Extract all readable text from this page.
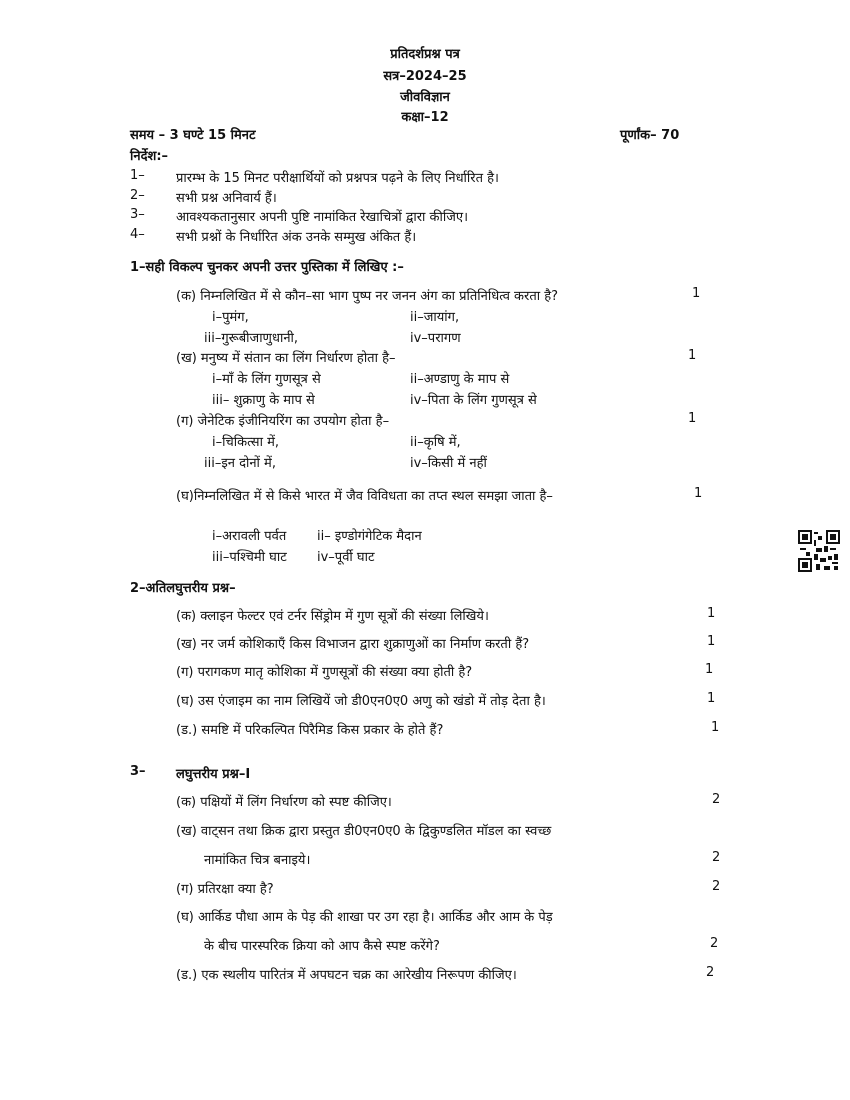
प्रतिदर्शप्रश्न पत्र
सत्र–2024–25
जीवविज्ञान
कक्षा–12
समय – 3 घण्टे 15 मिनट	पूर्णांक– 70
निर्देश:–
1– प्रारम्भ के 15 मिनट परीक्षार्थियों को प्रश्नपत्र पढ़ने के लिए निर्धारित है।
2– सभी प्रश्न अनिवार्य हैं।
3– आवश्यकतानुसार अपनी पुष्टि नामांकित रेखाचित्रों द्वारा कीजिए।
4– सभी प्रश्नों के निर्धारित अंक उनके सम्मुख अंकित हैं।
1–सही विकल्प चुनकर अपनी उत्तर पुस्तिका में लिखिए :–
(क) निम्नलिखित में से कौन–सा भाग पुष्प नर जनन अंग का प्रतिनिधित्व करता है?	1
i–पुमंग,	ii–जायांग,
iii–गुरूबीजाणुधानी,	iv–परागण
(ख) मनुष्य में संतान का लिंग निर्धारण होता है–	1
i–माँ के लिंग गुणसूत्र से	ii–अण्डाणु के माप से
iii– शुक्राणु के माप से	iv–पिता के लिंग गुणसूत्र से
(ग) जेनेटिक इंजीनियरिंग का उपयोग होता है–	1
i–चिकित्सा में,	ii–कृषि में,
iii–इन दोनों में,	iv–किसी में नहीं
(घ)निम्नलिखित में से किसे भारत में जैव विविधता का तप्त स्थल समझा जाता है–	1
i–अरावली पर्वत ii– इण्डोगंगेटिक मैदान
iii–पश्चिमी घाट iv–पूर्वी घाट
2–अतिलघुत्तरीय प्रश्न–
(क) क्लाइन फेल्टर एवं टर्नर सिंड्रोम में गुण सूत्रों की संख्या लिखिये।	1
(ख) नर जर्म कोशिकाएँ किस विभाजन द्वारा शुक्राणुओं का निर्माण करती हैं?	1
(ग) परागकण मातृ कोशिका में गुणसूत्रों की संख्या क्या होती है?	1
(घ) उस एंजाइम का नाम लिखियें जो डी0एन0ए0 अणु को खंडो में तोड़ देता है।	1
(ड.) समष्टि में परिकल्पित पिरैमिड किस प्रकार के होते हैं?	1
3– लघुत्तरीय प्रश्न–I
(क) पक्षियों में लिंग निर्धारण को स्पष्ट कीजिए।	2
(ख) वाट्सन तथा क्रिक द्वारा प्रस्तुत डी0एन0ए0 के द्विकुण्डलित मॉडल का स्वच्छ
नामांकित चित्र बनाइये।	2
(ग) प्रतिरक्षा क्या है?	2
(घ) आर्किड पौधा आम के पेड़ की शाखा पर उग रहा है। आर्किड और आम के पेड़
के बीच पारस्परिक क्रिया को आप कैसे स्पष्ट करेंगे?	2
(ड.) एक स्थलीय पारितंत्र में अपघटन चक्र का आरेखीय निरूपण कीजिए।	2
